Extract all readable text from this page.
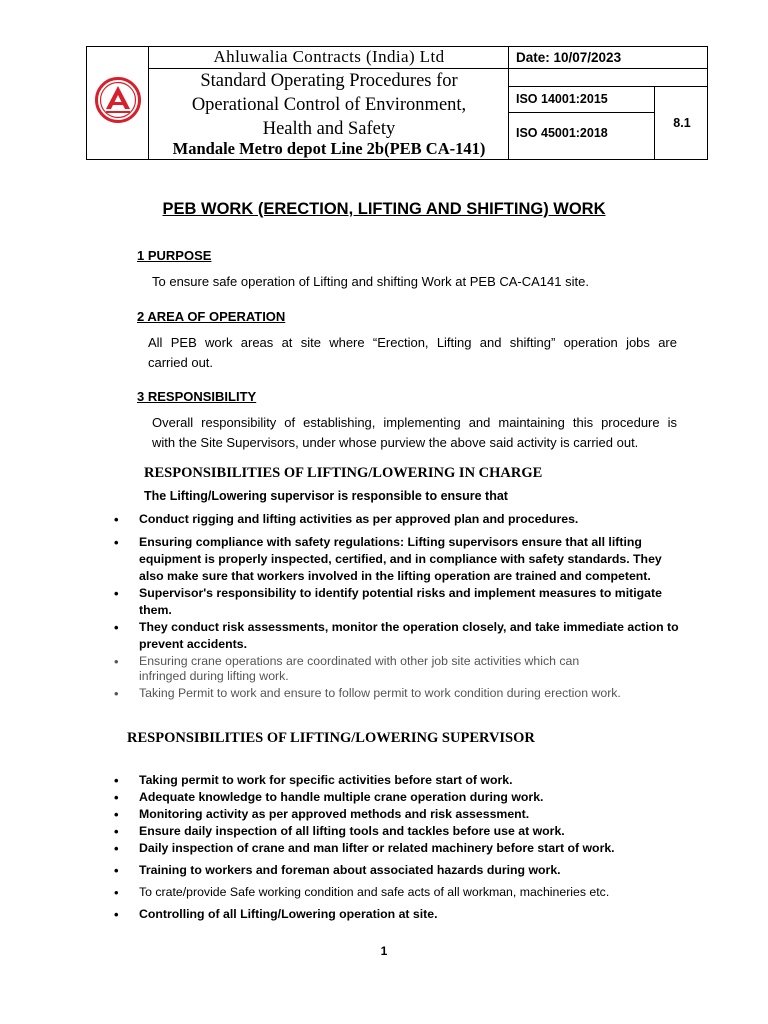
Ahluwalia Contracts (India) Ltd
Standard Operating Procedures for
Operational Control of Environment,
Health and Safety
Mandale Metro depot Line 2b(PEB CA-141)
Date: 10/07/2023
ISO 14001:2015
ISO 45001:2018
8.1
PEB WORK (ERECTION, LIFTING AND SHIFTING) WORK
1 PURPOSE
To ensure safe operation of Lifting and shifting Work at PEB CA-CA141 site.
2 AREA OF OPERATION
All PEB work areas at site where “Erection, Lifting and shifting” operation jobs are
carried out.
3 RESPONSIBILITY
Overall responsibility of establishing, implementing and maintaining this procedure is
with the Site Supervisors, under whose purview the above said activity is carried out.
RESPONSIBILITIES OF LIFTING/LOWERING IN CHARGE
The Lifting/Lowering supervisor is responsible to ensure that
• Conduct rigging and lifting activities as per approved plan and procedures.
• Ensuring compliance with safety regulations: Lifting supervisors ensure that all lifting
equipment is properly inspected, certified, and in compliance with safety standards. They
also make sure that workers involved in the lifting operation are trained and competent.
• Supervisor's responsibility to identify potential risks and implement measures to mitigate
them.
• They conduct risk assessments, monitor the operation closely, and take immediate action to
prevent accidents.
• Ensuring crane operations are coordinated with other job site activities which can
infringed during lifting work.
• Taking Permit to work and ensure to follow permit to work condition during erection work.
RESPONSIBILITIES OF LIFTING/LOWERING SUPERVISOR
• Taking permit to work for specific activities before start of work.
• Adequate knowledge to handle multiple crane operation during work.
• Monitoring activity as per approved methods and risk assessment.
• Ensure daily inspection of all lifting tools and tackles before use at work.
• Daily inspection of crane and man lifter or related machinery before start of work.
• Training to workers and foreman about associated hazards during work.
• To crate/provide Safe working condition and safe acts of all workman, machineries etc.
• Controlling of all Lifting/Lowering operation at site.
1
